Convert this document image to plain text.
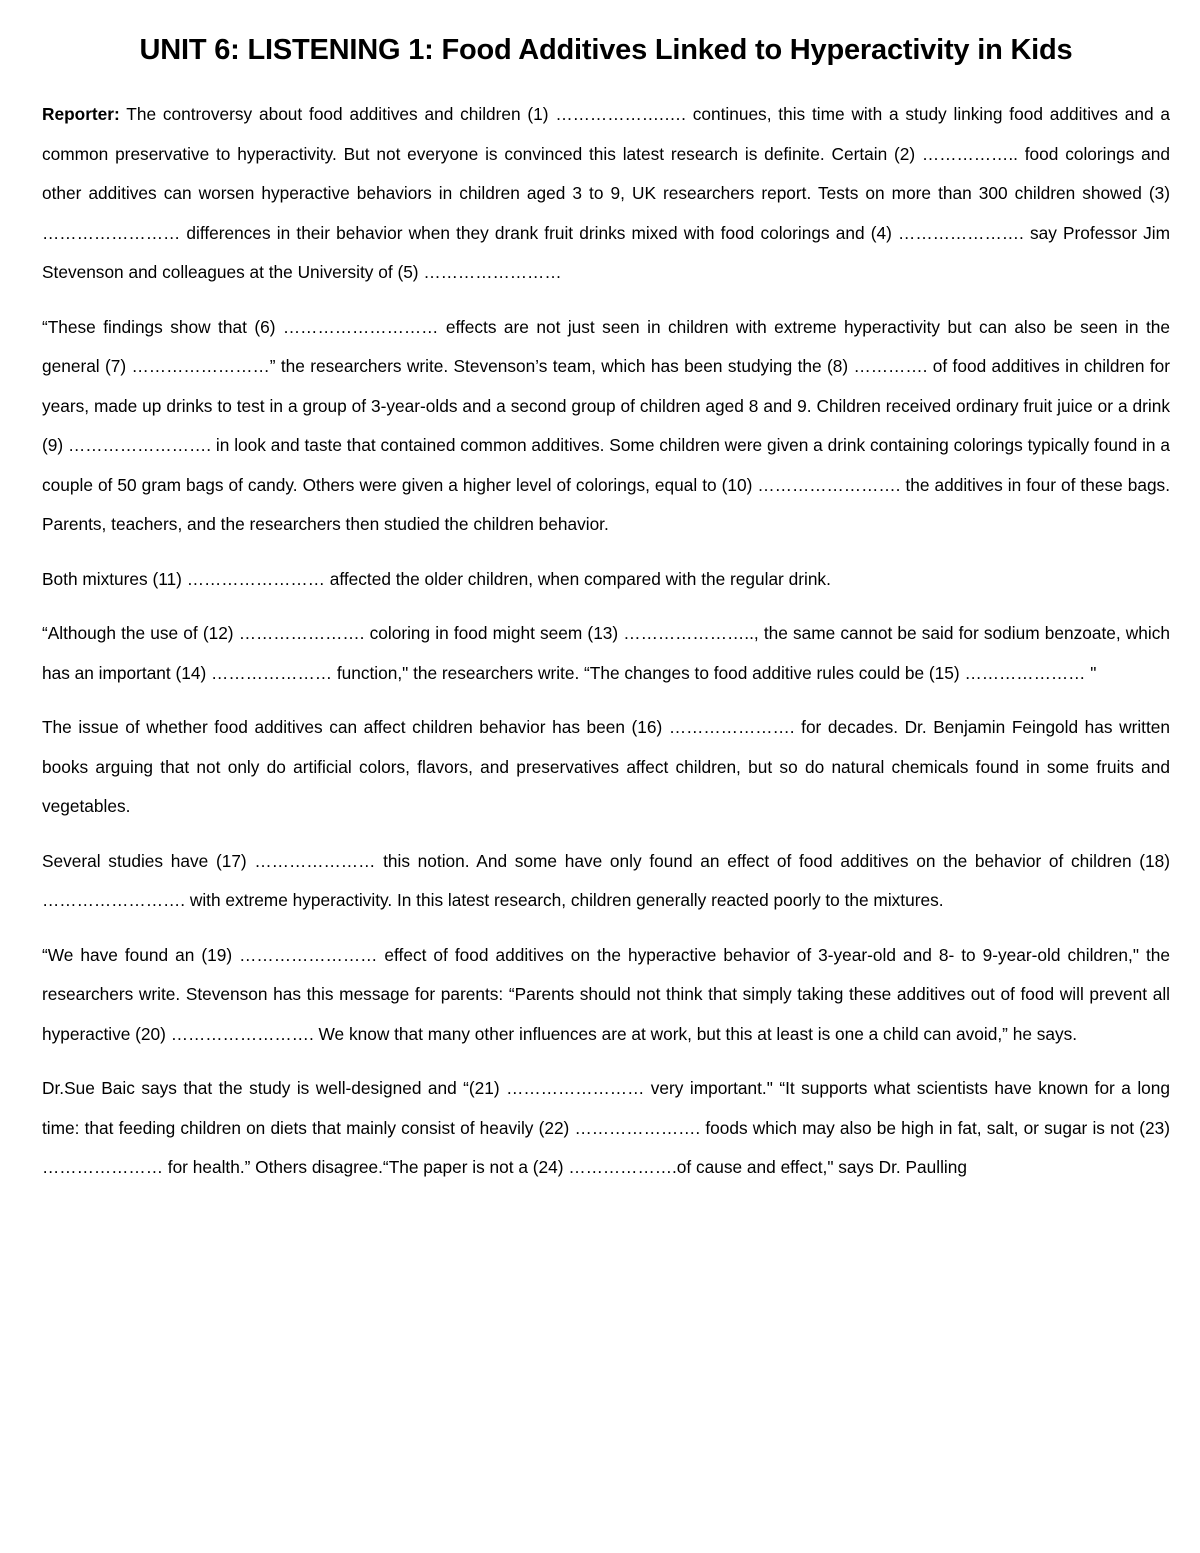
UNIT 6: LISTENING 1: Food Additives Linked to Hyperactivity in Kids

Reporter: The controversy about food additives and children (1) ……………….…. continues, this time with a study linking food additives and a common preservative to hyperactivity. But not everyone is convinced this latest research is definite. Certain (2) …………….. food colorings and other additives can worsen hyperactive behaviors in children aged 3 to 9, UK researchers report. Tests on more than 300 children showed (3) …………………… differences in their behavior when they drank fruit drinks mixed with food colorings and (4) …………………. say Professor Jim Stevenson and colleagues at the University of (5) ……………………

“These findings show that (6) ……………………… effects are not just seen in children with extreme hyperactivity but can also be seen in the general (7) ……………………” the researchers write. Stevenson’s team, which has been studying the (8) …………. of food additives in children for years, made up drinks to test in a group of 3-year-olds and a second group of children aged 8 and 9. Children received ordinary fruit juice or a drink (9) ……………………. in look and taste that contained common additives. Some children were given a drink containing colorings typically found in a couple of 50 gram bags of candy. Others were given a higher level of colorings, equal to (10) ……………………. the additives in four of these bags. Parents, teachers, and the researchers then studied the children behavior.

Both mixtures (11) …………………… affected the older children, when compared with the regular drink.

“Although the use of (12) …………………. coloring in food might seem (13) ………………….., the same cannot be said for sodium benzoate, which has an important (14) ………………… function," the researchers write. “The changes to food additive rules could be (15) ………………… "

The issue of whether food additives can affect children behavior has been (16) …………………. for decades. Dr. Benjamin Feingold has written books arguing that not only do artificial colors, flavors, and preservatives affect children, but so do natural chemicals found in some fruits and vegetables.

Several studies have (17) ………………… this notion. And some have only found an effect of food additives on the behavior of children (18) ……………………. with extreme hyperactivity. In this latest research, children generally reacted poorly to the mixtures.

“We have found an (19) …………………… effect of food additives on the hyperactive behavior of 3-year-old and 8- to 9-year-old children," the researchers write. Stevenson has this message for parents: “Parents should not think that simply taking these additives out of food will prevent all hyperactive (20) ……………………. We know that many other influences are at work, but this at least is one a child can avoid,” he says.

Dr.Sue Baic says that the study is well-designed and “(21) …………………… very important." “It supports what scientists have known for a long time: that feeding children on diets that mainly consist of heavily (22) …………………. foods which may also be high in fat, salt, or sugar is not (23) ………………… for health.” Others disagree.“The paper is not a (24) ……………….of cause and effect," says Dr. Paulling
